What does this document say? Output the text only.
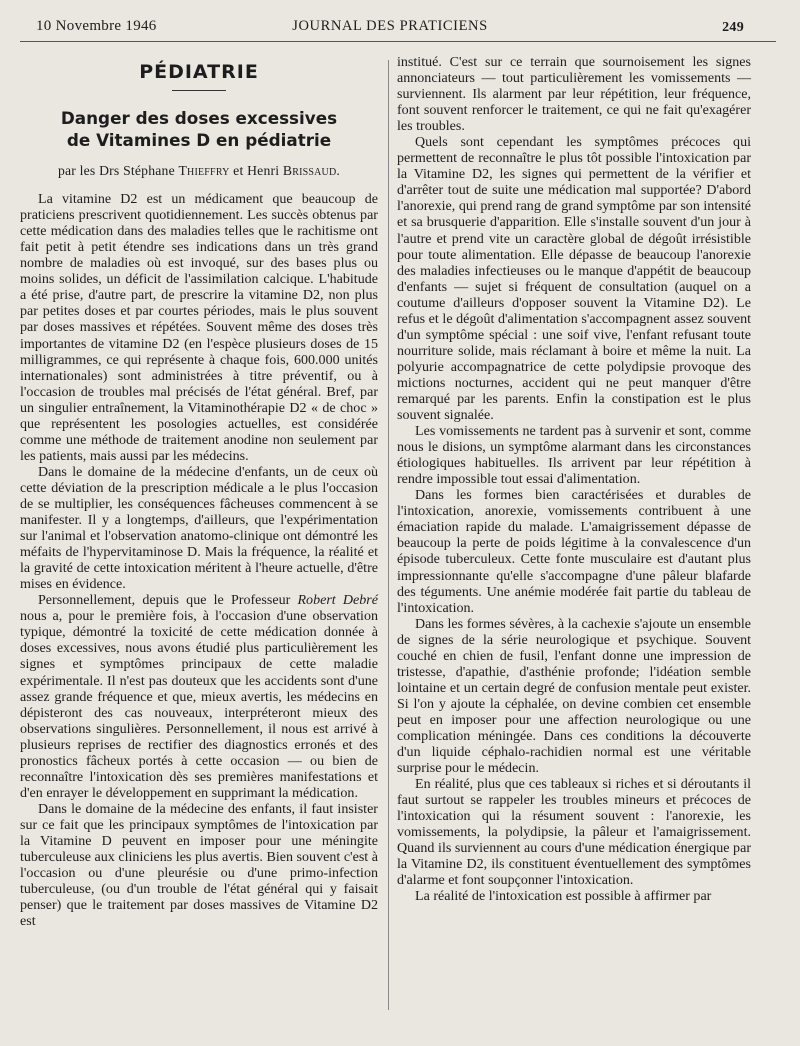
10 Novembre 1946	JOURNAL DES PRATICIENS	249
PÉDIATRIE
Danger des doses excessives
de Vitamines D en pédiatrie
par les Drs Stéphane Thieffry et Henri Brissaud.

La vitamine D2 est un médicament que beaucoup de praticiens prescrivent quotidiennement. Les succès obtenus par cette médication dans des maladies telles que le rachitisme ont fait petit à petit étendre ses indications dans un très grand nombre de maladies où est invoqué, sur des bases plus ou moins solides, un déficit de l'assimilation calcique. L'habitude a été prise, d'autre part, de prescrire la vitamine D2, non plus par petites doses et par courtes périodes, mais le plus souvent par doses massives et répétées. Souvent même des doses très importantes de vitamine D2 (en l'espèce plusieurs doses de 15 milligrammes, ce qui représente à chaque fois, 600.000 unités internationales) sont administrées à titre préventif, ou à l'occasion de troubles mal précisés de l'état général. Bref, par un singulier entraînement, la Vitaminothérapie D2 « de choc » que représentent les posologies actuelles, est considérée comme une méthode de traitement anodine non seulement par les patients, mais aussi par les médecins.

Dans le domaine de la médecine d'enfants, un de ceux où cette déviation de la prescription médicale a le plus l'occasion de se multiplier, les conséquences fâcheuses commencent à se manifester. Il y a longtemps, d'ailleurs, que l'expérimentation sur l'animal et l'observation anatomo-clinique ont démontré les méfaits de l'hypervitaminose D. Mais la fréquence, la réalité et la gravité de cette intoxication méritent à l'heure actuelle, d'être mises en évidence.

Personnellement, depuis que le Professeur Robert Debré nous a, pour le première fois, à l'occasion d'une observation typique, démontré la toxicité de cette médication donnée à doses excessives, nous avons étudié plus particulièrement les signes et symptômes principaux de cette maladie expérimentale. Il n'est pas douteux que les accidents sont d'une assez grande fréquence et que, mieux avertis, les médecins en dépisteront des cas nouveaux, interpréteront mieux des observations singulières. Personnellement, il nous est arrivé à plusieurs reprises de rectifier des diagnostics erronés et des pronostics fâcheux portés à cette occasion — ou bien de reconnaître l'intoxication dès ses premières manifestations et d'en enrayer le développement en supprimant la médication.

Dans le domaine de la médecine des enfants, il faut insister sur ce fait que les principaux symptômes de l'intoxication par la Vitamine D peuvent en imposer pour une méningite tuberculeuse aux cliniciens les plus avertis. Bien souvent c'est à l'occasion ou d'une pleurésie ou d'une primo-infection tuberculeuse, (ou d'un trouble de l'état général qui y faisait penser) que le traitement par doses massives de Vitamine D2 est

institué. C'est sur ce terrain que sournoisement les signes annonciateurs — tout particulièrement les vomissements — surviennent. Ils alarment par leur répétition, leur fréquence, font souvent renforcer le traitement, ce qui ne fait qu'exagérer les troubles.

Quels sont cependant les symptômes précoces qui permettent de reconnaître le plus tôt possible l'intoxication par la Vitamine D2, les signes qui permettent de la vérifier et d'arrêter tout de suite une médication mal supportée? D'abord l'anorexie, qui prend rang de grand symptôme par son intensité et sa brusquerie d'apparition. Elle s'installe souvent d'un jour à l'autre et prend vite un caractère global de dégoût irrésistible pour toute alimentation. Elle dépasse de beaucoup l'anorexie des maladies infectieuses ou le manque d'appétit de beaucoup d'enfants — sujet si fréquent de consultation (auquel on a coutume d'ailleurs d'opposer souvent la Vitamine D2). Le refus et le dégoût d'alimentation s'accompagnent assez souvent d'un symptôme spécial : une soif vive, l'enfant refusant toute nourriture solide, mais réclamant à boire et même la nuit. La polyurie accompagnatrice de cette polydipsie provoque des mictions nocturnes, accident qui ne peut manquer d'être remarqué par les parents. Enfin la constipation est le plus souvent signalée.

Les vomissements ne tardent pas à survenir et sont, comme nous le disions, un symptôme alarmant dans les circonstances étiologiques habituelles. Ils arrivent par leur répétition à rendre impossible tout essai d'alimentation.

Dans les formes bien caractérisées et durables de l'intoxication, anorexie, vomissements contribuent à une émaciation rapide du malade. L'amaigrissement dépasse de beaucoup la perte de poids légitime à la convalescence d'un épisode tuberculeux. Cette fonte musculaire est d'autant plus impressionnante qu'elle s'accompagne d'une pâleur blafarde des téguments. Une anémie modérée fait partie du tableau de l'intoxication.

Dans les formes sévères, à la cachexie s'ajoute un ensemble de signes de la série neurologique et psychique. Souvent couché en chien de fusil, l'enfant donne une impression de tristesse, d'apathie, d'asthénie profonde; l'idéation semble lointaine et un certain degré de confusion mentale peut exister. Si l'on y ajoute la céphalée, on devine combien cet ensemble peut en imposer pour une affection neurologique ou une complication méningée. Dans ces conditions la découverte d'un liquide céphalo-rachidien normal est une véritable surprise pour le médecin.

En réalité, plus que ces tableaux si riches et si déroutants il faut surtout se rappeler les troubles mineurs et précoces de l'intoxication qui la résument souvent : l'anorexie, les vomissements, la polydipsie, la pâleur et l'amaigrissement. Quand ils surviennent au cours d'une médication énergique par la Vitamine D2, ils constituent éventuellement des symptômes d'alarme et font soupçonner l'intoxication.

La réalité de l'intoxication est possible à affirmer par
